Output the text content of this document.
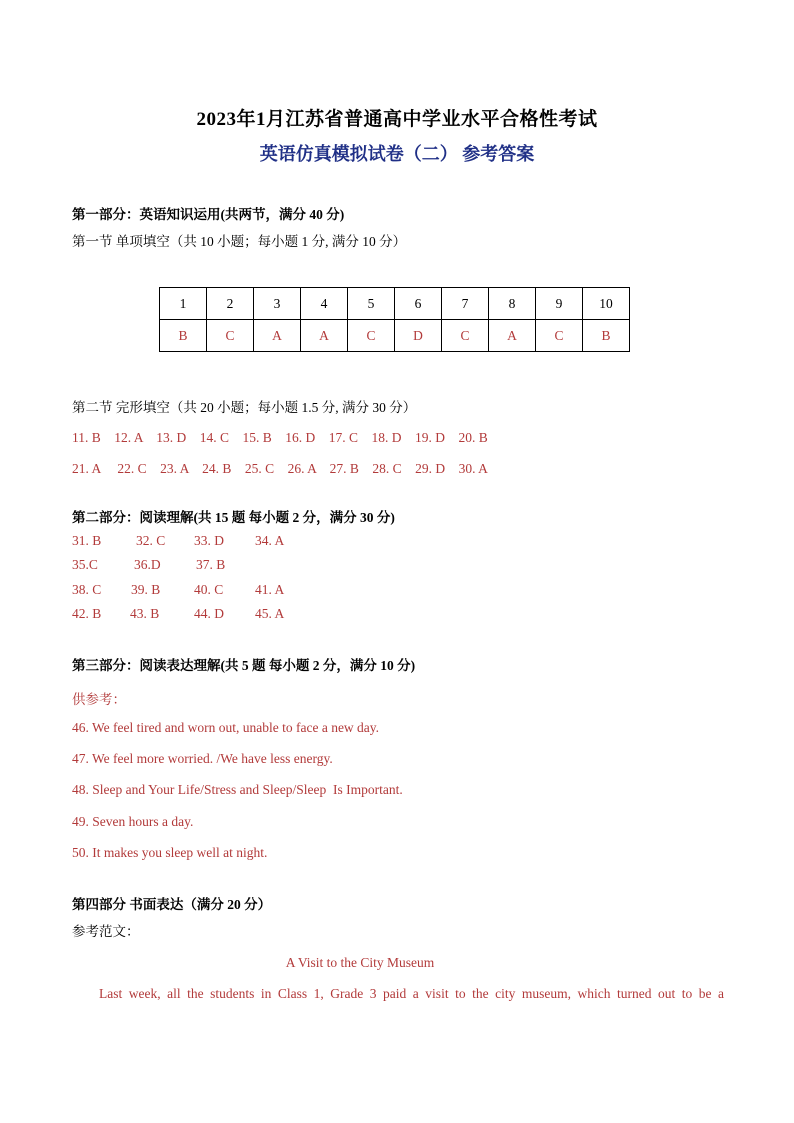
2023年1月江苏省普通高中学业水平合格性考试
英语仿真模拟试卷（二） 参考答案
第一部分：英语知识运用(共两节，满分 40 分)
第一节 单项填空（共 10 小题；每小题 1 分, 满分 10 分）
1	2	3	4	5	6	7	8	9	10
B	C	A	A	C	D	C	A	C	B
第二节 完形填空（共 20 小题；每小题 1.5 分, 满分 30 分）
11. B    12. A    13. D    14. C    15. B    16. D    17. C    18. D    19. D    20. B
21. A     22. C    23. A    24. B    25. C    26. A    27. B    28. C    29. D    30. A
第二部分：阅读理解(共 15 题 每小题 2 分，满分 30 分)
31. B	32. C 33. D 34. A
35.C	36.D	37. B
38. C 39. B 40. C 41. A
42. B 43. B	44. D 45. A
第三部分：阅读表达理解(共 5 题 每小题 2 分，满分 10 分)
供参考：
46. We feel tired and worn out, unable to face a new day.
47. We feel more worried. /We have less energy.
48. Sleep and Your Life/Stress and Sleep/Sleep  Is Important.
49. Seven hours a day.
50. It makes you sleep well at night.
第四部分 书面表达（满分 20 分）
参考范文：
A Visit to the City Museum
Last week, all the students in Class 1, Grade 3 paid a visit to the city museum, which turned out to be a
